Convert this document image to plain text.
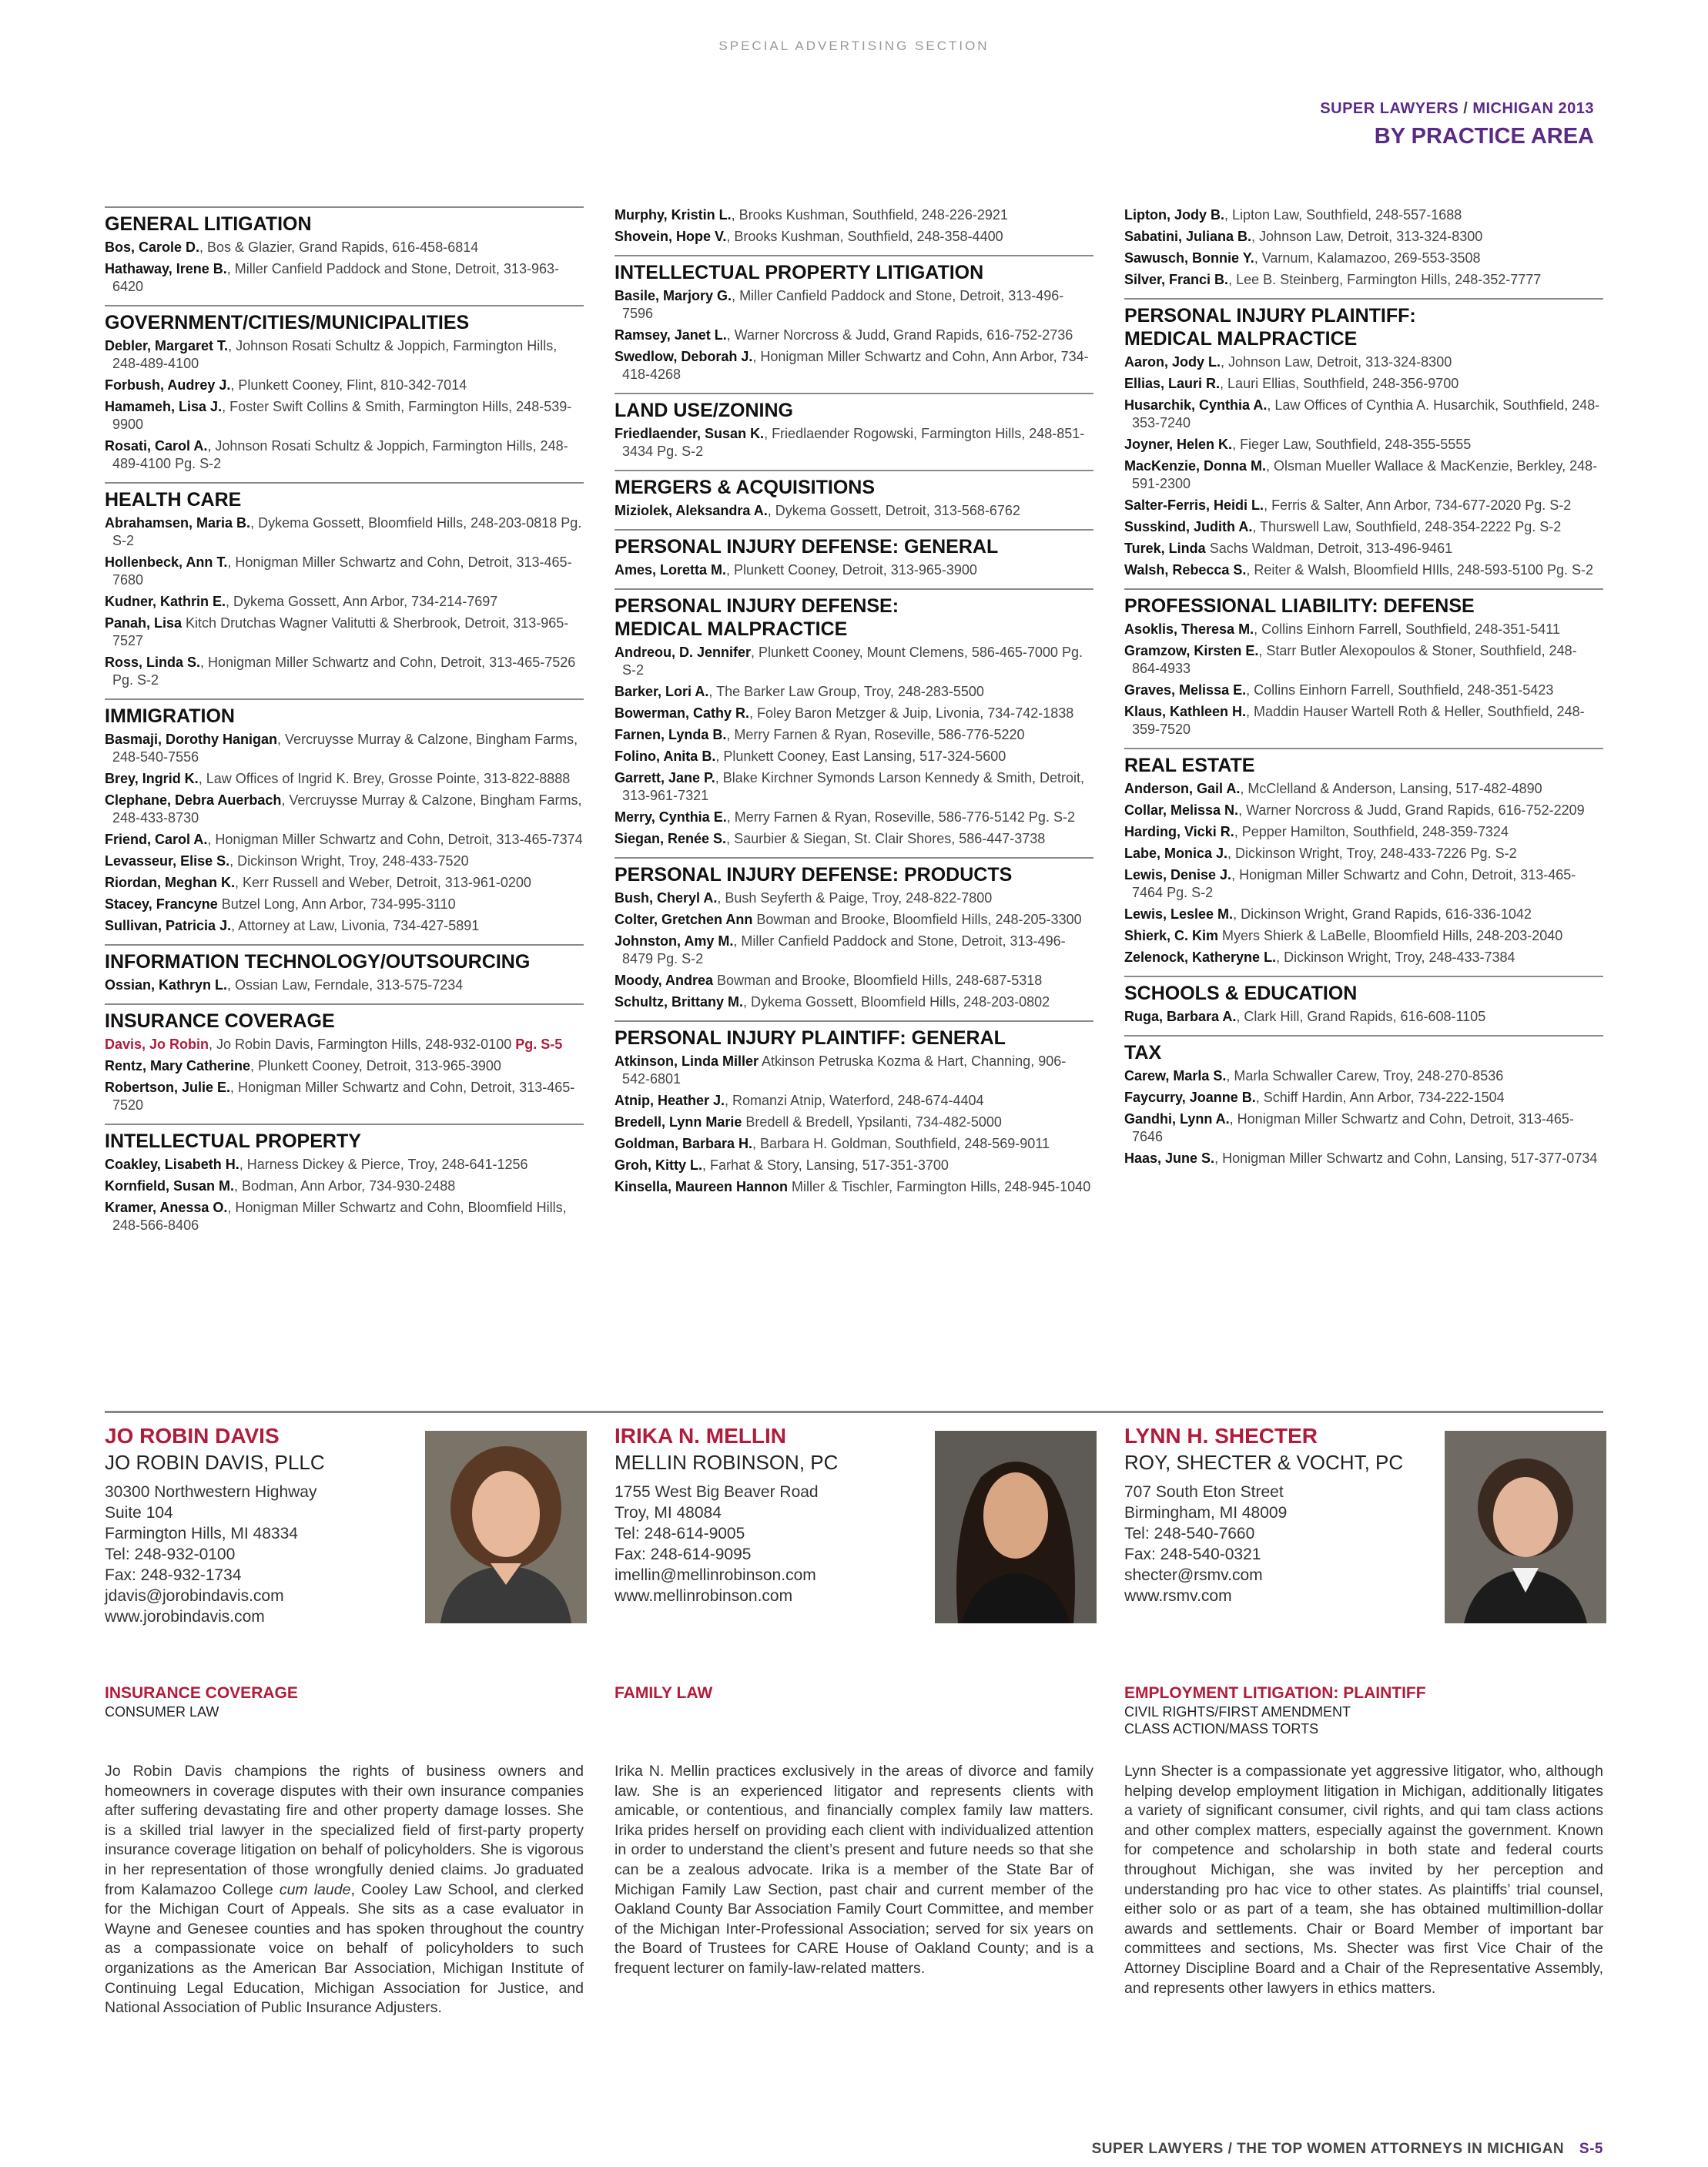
SPECIAL ADVERTISING SECTION
SUPER LAWYERS / MICHIGAN 2013
BY PRACTICE AREA
GENERAL LITIGATION
Bos, Carole D., Bos & Glazier, Grand Rapids, 616-458-6814
Hathaway, Irene B., Miller Canfield Paddock and Stone, Detroit, 313-963-6420
GOVERNMENT/CITIES/MUNICIPALITIES
Debler, Margaret T., Johnson Rosati Schultz & Joppich, Farmington Hills, 248-489-4100
Forbush, Audrey J., Plunkett Cooney, Flint, 810-342-7014
Hamameh, Lisa J., Foster Swift Collins & Smith, Farmington Hills, 248-539-9900
Rosati, Carol A., Johnson Rosati Schultz & Joppich, Farmington Hills, 248-489-4100 Pg. S-2
HEALTH CARE
Abrahamsen, Maria B., Dykema Gossett, Bloomfield Hills, 248-203-0818 Pg. S-2
Hollenbeck, Ann T., Honigman Miller Schwartz and Cohn, Detroit, 313-465-7680
Kudner, Kathrin E., Dykema Gossett, Ann Arbor, 734-214-7697
Panah, Lisa Kitch Drutchas Wagner Valitutti & Sherbrook, Detroit, 313-965-7527
Ross, Linda S., Honigman Miller Schwartz and Cohn, Detroit, 313-465-7526 Pg. S-2
IMMIGRATION
Basmaji, Dorothy Hanigan, Vercruysse Murray & Calzone, Bingham Farms, 248-540-7556
Brey, Ingrid K., Law Offices of Ingrid K. Brey, Grosse Pointe, 313-822-8888
Clephane, Debra Auerbach, Vercruysse Murray & Calzone, Bingham Farms, 248-433-8730
Friend, Carol A., Honigman Miller Schwartz and Cohn, Detroit, 313-465-7374
Levasseur, Elise S., Dickinson Wright, Troy, 248-433-7520
Riordan, Meghan K., Kerr Russell and Weber, Detroit, 313-961-0200
Stacey, Francyne Butzel Long, Ann Arbor, 734-995-3110
Sullivan, Patricia J., Attorney at Law, Livonia, 734-427-5891
INFORMATION TECHNOLOGY/OUTSOURCING
Ossian, Kathryn L., Ossian Law, Ferndale, 313-575-7234
INSURANCE COVERAGE
Davis, Jo Robin, Jo Robin Davis, Farmington Hills, 248-932-0100 Pg. S-5
Rentz, Mary Catherine, Plunkett Cooney, Detroit, 313-965-3900
Robertson, Julie E., Honigman Miller Schwartz and Cohn, Detroit, 313-465-7520
INTELLECTUAL PROPERTY
Coakley, Lisabeth H., Harness Dickey & Pierce, Troy, 248-641-1256
Kornfield, Susan M., Bodman, Ann Arbor, 734-930-2488
Kramer, Anessa O., Honigman Miller Schwartz and Cohn, Bloomfield Hills, 248-566-8406
Murphy, Kristin L., Brooks Kushman, Southfield, 248-226-2921
Shovein, Hope V., Brooks Kushman, Southfield, 248-358-4400
INTELLECTUAL PROPERTY LITIGATION
Basile, Marjory G., Miller Canfield Paddock and Stone, Detroit, 313-496-7596
Ramsey, Janet L., Warner Norcross & Judd, Grand Rapids, 616-752-2736
Swedlow, Deborah J., Honigman Miller Schwartz and Cohn, Ann Arbor, 734-418-4268
LAND USE/ZONING
Friedlaender, Susan K., Friedlaender Rogowski, Farmington Hills, 248-851-3434 Pg. S-2
MERGERS & ACQUISITIONS
Miziolek, Aleksandra A., Dykema Gossett, Detroit, 313-568-6762
PERSONAL INJURY DEFENSE: GENERAL
Ames, Loretta M., Plunkett Cooney, Detroit, 313-965-3900
PERSONAL INJURY DEFENSE:
MEDICAL MALPRACTICE
Andreou, D. Jennifer, Plunkett Cooney, Mount Clemens, 586-465-7000 Pg. S-2
Barker, Lori A., The Barker Law Group, Troy, 248-283-5500
Bowerman, Cathy R., Foley Baron Metzger & Juip, Livonia, 734-742-1838
Farnen, Lynda B., Merry Farnen & Ryan, Roseville, 586-776-5220
Folino, Anita B., Plunkett Cooney, East Lansing, 517-324-5600
Garrett, Jane P., Blake Kirchner Symonds Larson Kennedy & Smith, Detroit, 313-961-7321
Merry, Cynthia E., Merry Farnen & Ryan, Roseville, 586-776-5142 Pg. S-2
Siegan, Renée S., Saurbier & Siegan, St. Clair Shores, 586-447-3738
PERSONAL INJURY DEFENSE: PRODUCTS
Bush, Cheryl A., Bush Seyferth & Paige, Troy, 248-822-7800
Colter, Gretchen Ann Bowman and Brooke, Bloomfield Hills, 248-205-3300
Johnston, Amy M., Miller Canfield Paddock and Stone, Detroit, 313-496-8479 Pg. S-2
Moody, Andrea Bowman and Brooke, Bloomfield Hills, 248-687-5318
Schultz, Brittany M., Dykema Gossett, Bloomfield Hills, 248-203-0802
PERSONAL INJURY PLAINTIFF: GENERAL
Atkinson, Linda Miller Atkinson Petruska Kozma & Hart, Channing, 906-542-6801
Atnip, Heather J., Romanzi Atnip, Waterford, 248-674-4404
Bredell, Lynn Marie Bredell & Bredell, Ypsilanti, 734-482-5000
Goldman, Barbara H., Barbara H. Goldman, Southfield, 248-569-9011
Groh, Kitty L., Farhat & Story, Lansing, 517-351-3700
Kinsella, Maureen Hannon Miller & Tischler, Farmington Hills, 248-945-1040
Lipton, Jody B., Lipton Law, Southfield, 248-557-1688
Sabatini, Juliana B., Johnson Law, Detroit, 313-324-8300
Sawusch, Bonnie Y., Varnum, Kalamazoo, 269-553-3508
Silver, Franci B., Lee B. Steinberg, Farmington Hills, 248-352-7777
PERSONAL INJURY PLAINTIFF:
MEDICAL MALPRACTICE
Aaron, Jody L., Johnson Law, Detroit, 313-324-8300
Ellias, Lauri R., Lauri Ellias, Southfield, 248-356-9700
Husarchik, Cynthia A., Law Offices of Cynthia A. Husarchik, Southfield, 248-353-7240
Joyner, Helen K., Fieger Law, Southfield, 248-355-5555
MacKenzie, Donna M., Olsman Mueller Wallace & MacKenzie, Berkley, 248-591-2300
Salter-Ferris, Heidi L., Ferris & Salter, Ann Arbor, 734-677-2020 Pg. S-2
Susskind, Judith A., Thurswell Law, Southfield, 248-354-2222 Pg. S-2
Turek, Linda Sachs Waldman, Detroit, 313-496-9461
Walsh, Rebecca S., Reiter & Walsh, Bloomfield HIlls, 248-593-5100 Pg. S-2
PROFESSIONAL LIABILITY: DEFENSE
Asoklis, Theresa M., Collins Einhorn Farrell, Southfield, 248-351-5411
Gramzow, Kirsten E., Starr Butler Alexopoulos & Stoner, Southfield, 248-864-4933
Graves, Melissa E., Collins Einhorn Farrell, Southfield, 248-351-5423
Klaus, Kathleen H., Maddin Hauser Wartell Roth & Heller, Southfield, 248-359-7520
REAL ESTATE
Anderson, Gail A., McClelland & Anderson, Lansing, 517-482-4890
Collar, Melissa N., Warner Norcross & Judd, Grand Rapids, 616-752-2209
Harding, Vicki R., Pepper Hamilton, Southfield, 248-359-7324
Labe, Monica J., Dickinson Wright, Troy, 248-433-7226 Pg. S-2
Lewis, Denise J., Honigman Miller Schwartz and Cohn, Detroit, 313-465-7464 Pg. S-2
Lewis, Leslee M., Dickinson Wright, Grand Rapids, 616-336-1042
Shierk, C. Kim Myers Shierk & LaBelle, Bloomfield Hills, 248-203-2040
Zelenock, Katheryne L., Dickinson Wright, Troy, 248-433-7384
SCHOOLS & EDUCATION
Ruga, Barbara A., Clark Hill, Grand Rapids, 616-608-1105
TAX
Carew, Marla S., Marla Schwaller Carew, Troy, 248-270-8536
Faycurry, Joanne B., Schiff Hardin, Ann Arbor, 734-222-1504
Gandhi, Lynn A., Honigman Miller Schwartz and Cohn, Detroit, 313-465-7646
Haas, June S., Honigman Miller Schwartz and Cohn, Lansing, 517-377-0734
JO ROBIN DAVIS
JO ROBIN DAVIS, PLLC
30300 Northwestern Highway
Suite 104
Farmington Hills, MI 48334
Tel: 248-932-0100
Fax: 248-932-1734
jdavis@jorobindavis.com
www.jorobindavis.com
INSURANCE COVERAGE
CONSUMER LAW
Jo Robin Davis champions the rights of business owners and homeowners in coverage disputes with their own insurance companies after suffering devastating fire and other property damage losses. She is a skilled trial lawyer in the specialized field of first-party property insurance coverage litigation on behalf of policyholders. She is vigorous in her representation of those wrongfully denied claims. Jo graduated from Kalamazoo College cum laude, Cooley Law School, and clerked for the Michigan Court of Appeals. She sits as a case evaluator in Wayne and Genesee counties and has spoken throughout the country as a compassionate voice on behalf of policyholders to such organizations as the American Bar Association, Michigan Institute of Continuing Legal Education, Michigan Association for Justice, and National Association of Public Insurance Adjusters.
IRIKA N. MELLIN
MELLIN ROBINSON, PC
1755 West Big Beaver Road
Troy, MI 48084
Tel: 248-614-9005
Fax: 248-614-9095
imellin@mellinrobinson.com
www.mellinrobinson.com
FAMILY LAW
Irika N. Mellin practices exclusively in the areas of divorce and family law. She is an experienced litigator and represents clients with amicable, or contentious, and financially complex family law matters. Irika prides herself on providing each client with individualized attention in order to understand the client’s present and future needs so that she can be a zealous advocate. Irika is a member of the State Bar of Michigan Family Law Section, past chair and current member of the Oakland County Bar Association Family Court Committee, and member of the Michigan Inter-Professional Association; served for six years on the Board of Trustees for CARE House of Oakland County; and is a frequent lecturer on family-law-related matters.
LYNN H. SHECTER
ROY, SHECTER & VOCHT, PC
707 South Eton Street
Birmingham, MI 48009
Tel: 248-540-7660
Fax: 248-540-0321
shecter@rsmv.com
www.rsmv.com
EMPLOYMENT LITIGATION: PLAINTIFF
CIVIL RIGHTS/FIRST AMENDMENT
CLASS ACTION/MASS TORTS
Lynn Shecter is a compassionate yet aggressive litigator, who, although helping develop employment litigation in Michigan, additionally litigates a variety of significant consumer, civil rights, and qui tam class actions and other complex matters, especially against the government. Known for competence and scholarship in both state and federal courts throughout Michigan, she was invited by her perception and understanding pro hac vice to other states. As plaintiffs’ trial counsel, either solo or as part of a team, she has obtained multimillion-dollar awards and settlements. Chair or Board Member of important bar committees and sections, Ms. Shecter was first Vice Chair of the Attorney Discipline Board and a Chair of the Representative Assembly, and represents other lawyers in ethics matters.
SUPER LAWYERS / THE TOP WOMEN ATTORNEYS IN MICHIGAN S-5
